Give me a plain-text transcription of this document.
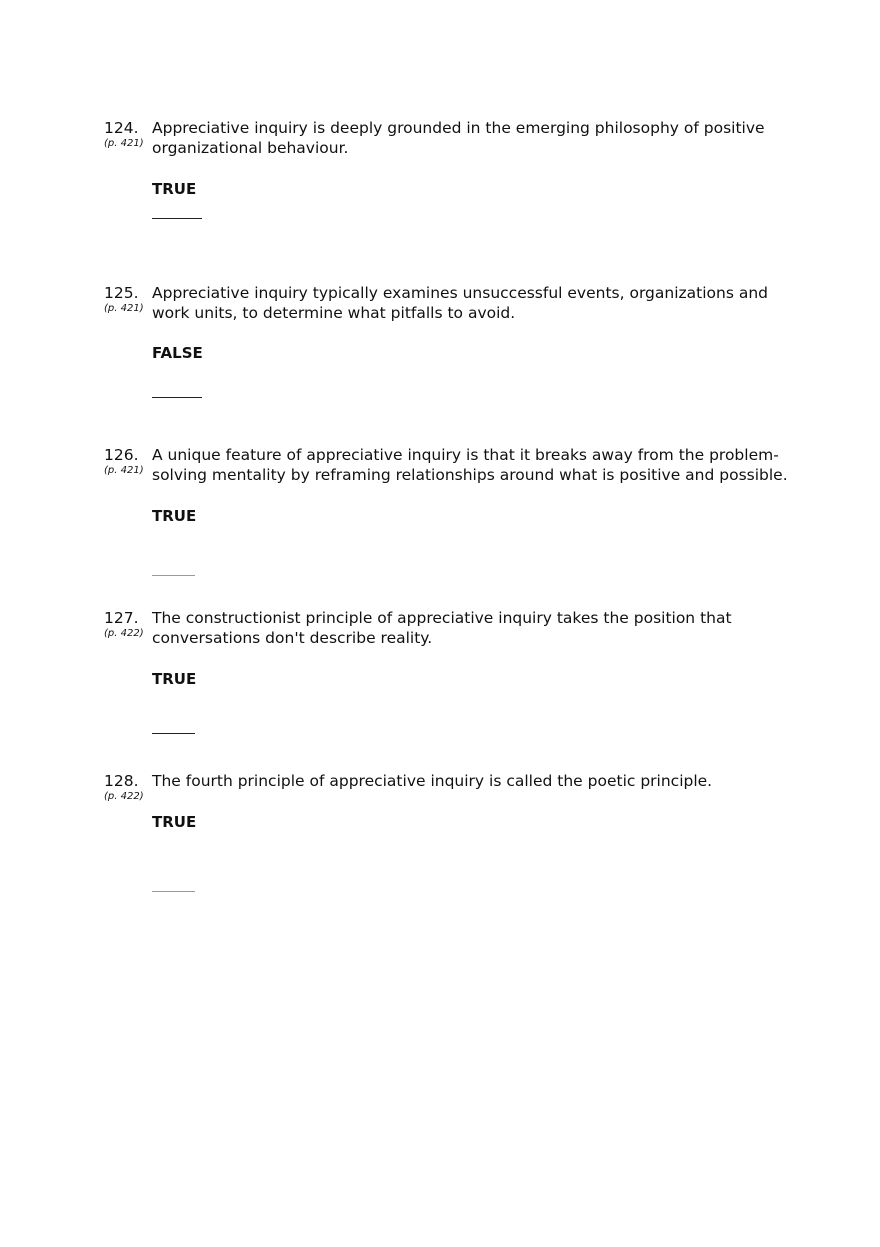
124.
(p. 421)
Appreciative inquiry is deeply grounded in the emerging philosophy of positive
organizational behaviour.
TRUE
125.
(p. 421)
Appreciative inquiry typically examines unsuccessful events, organizations and
work units, to determine what pitfalls to avoid.
FALSE
126.
(p. 421)
A unique feature of appreciative inquiry is that it breaks away from the problem-
solving mentality by reframing relationships around what is positive and possible.
TRUE
127.
(p. 422)
The constructionist principle of appreciative inquiry takes the position that
conversations don't describe reality.
TRUE
128.
(p. 422)
The fourth principle of appreciative inquiry is called the poetic principle.
TRUE
